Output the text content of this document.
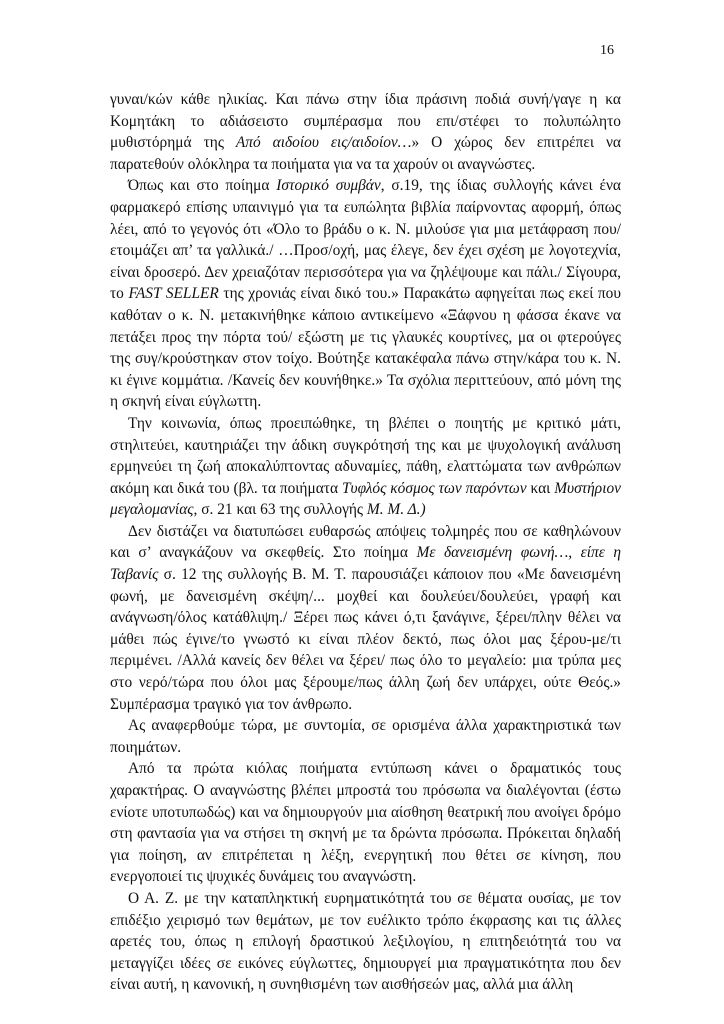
16

γυναι/κών κάθε ηλικίας. Και πάνω στην ίδια πράσινη ποδιά συνή/γαγε η κα Κομητάκη το αδιάσειστο συμπέρασμα που επι/στέφει το πολυπώλητο μυθιστόρημά της Από αιδοίου εις/αιδοίον…» Ο χώρος δεν επιτρέπει να παρατεθούν ολόκληρα τα ποιήματα για να τα χαρούν οι αναγνώστες.

Όπως και στο ποίημα Ιστορικό συμβάν, σ.19, της ίδιας συλλογής κάνει ένα φαρμακερό επίσης υπαινιγμό για τα ευπώλητα βιβλία παίρνοντας αφορμή, όπως λέει, από το γεγονός ότι «Όλο το βράδυ ο κ. Ν. μιλούσε για μια μετάφραση που/ετοιμάζει απ’ τα γαλλικά./ …Προσ/οχή, μας έλεγε, δεν έχει σχέση με λογοτεχνία, είναι δροσερό. Δεν χρειαζόταν περισσότερα για να ζηλέψουμε και πάλι./ Σίγουρα, το FAST SELLER της χρονιάς είναι δικό του.» Παρακάτω αφηγείται πως εκεί που καθόταν ο κ. Ν. μετακινήθηκε κάποιο αντικείμενο «Ξάφνου η φάσσα έκανε να πετάξει προς την πόρτα τού/ εξώστη με τις γλαυκές κουρτίνες, μα οι φτερούγες της συγ/κρούστηκαν στον τοίχο. Βούτηξε κατακέφαλα πάνω στην/κάρα του κ. Ν. κι έγινε κομμάτια. /Κανείς δεν κουνήθηκε.» Τα σχόλια περιττεύουν, από μόνη της η σκηνή είναι εύγλωττη.

Την κοινωνία, όπως προειπώθηκε, τη βλέπει ο ποιητής με κριτικό μάτι, στηλιτεύει, καυτηριάζει την άδικη συγκρότησή της και με ψυχολογική ανάλυση ερμηνεύει τη ζωή αποκαλύπτοντας αδυναμίες, πάθη, ελαττώματα των ανθρώπων ακόμη και δικά του (βλ. τα ποιήματα Τυφλός κόσμος των παρόντων και Μυστήριον μεγαλομανίας, σ. 21 και 63 της συλλογής Μ. Μ. Δ.)

Δεν διστάζει να διατυπώσει ευθαρσώς απόψεις τολμηρές που σε καθηλώνουν και σ’ αναγκάζουν να σκεφθείς. Στο ποίημα Με δανεισμένη φωνή…, είπε η Ταβανίς σ. 12 της συλλογής Β. Μ. Τ. παρουσιάζει κάποιον που «Με δανεισμένη φωνή, με δανεισμένη σκέψη/... μοχθεί και δουλεύει/δουλεύει, γραφή και ανάγνωση/όλος κατάθλιψη./ Ξέρει πως κάνει ό,τι ξανάγινε, ξέρει/πλην θέλει να μάθει πώς έγινε/το γνωστό κι είναι πλέον δεκτό, πως όλοι μας ξέρου-με/τι περιμένει. /Αλλά κανείς δεν θέλει να ξέρει/ πως όλο το μεγαλείο: μια τρύπα μες στο νερό/τώρα που όλοι μας ξέρουμε/πως άλλη ζωή δεν υπάρχει, ούτε Θεός.» Συμπέρασμα τραγικό για τον άνθρωπο.

Ας αναφερθούμε τώρα, με συντομία, σε ορισμένα άλλα χαρακτηριστικά των ποιημάτων.

Από τα πρώτα κιόλας ποιήματα εντύπωση κάνει ο δραματικός τους χαρακτήρας. Ο αναγνώστης βλέπει μπροστά του πρόσωπα να διαλέγονται (έστω ενίοτε υποτυπωδώς) και να δημιουργούν μια αίσθηση θεατρική που ανοίγει δρόμο στη φαντασία για να στήσει τη σκηνή με τα δρώντα πρόσωπα. Πρόκειται δηλαδή για ποίηση, αν επιτρέπεται η λέξη, ενεργητική που θέτει σε κίνηση, που ενεργοποιεί τις ψυχικές δυνάμεις του αναγνώστη.

Ο Α. Ζ. με την καταπληκτική ευρηματικότητά του σε θέματα ουσίας, με τον επιδέξιο χειρισμό των θεμάτων, με τον ευέλικτο τρόπο έκφρασης και τις άλλες αρετές του, όπως η επιλογή δραστικού λεξιλογίου, η επιτηδειότητά του να μεταγγίζει ιδέες σε εικόνες εύγλωττες, δημιουργεί μια πραγματικότητα που δεν είναι αυτή, η κανονική, η συνηθισμένη των αισθήσεών μας, αλλά μια άλλη
